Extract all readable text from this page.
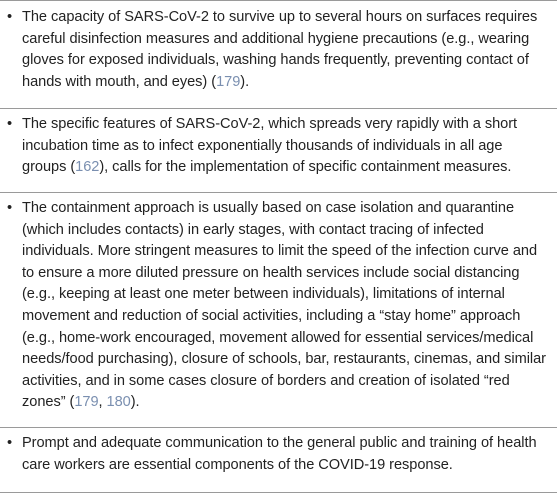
• The capacity of SARS-CoV-2 to survive up to several hours on surfaces requires careful disinfection measures and additional hygiene precautions (e.g., wearing gloves for exposed individuals, washing hands frequently, preventing contact of hands with mouth, and eyes) (179).
• The specific features of SARS-CoV-2, which spreads very rapidly with a short incubation time as to infect exponentially thousands of individuals in all age groups (162), calls for the implementation of specific containment measures.
• The containment approach is usually based on case isolation and quarantine (which includes contacts) in early stages, with contact tracing of infected individuals. More stringent measures to limit the speed of the infection curve and to ensure a more diluted pressure on health services include social distancing (e.g., keeping at least one meter between individuals), limitations of internal movement and reduction of social activities, including a “stay home” approach (e.g., home-work encouraged, movement allowed for essential services/medical needs/food purchasing), closure of schools, bar, restaurants, cinemas, and similar activities, and in some cases closure of borders and creation of isolated “red zones” (179, 180).
• Prompt and adequate communication to the general public and training of health care workers are essential components of the COVID-19 response.
